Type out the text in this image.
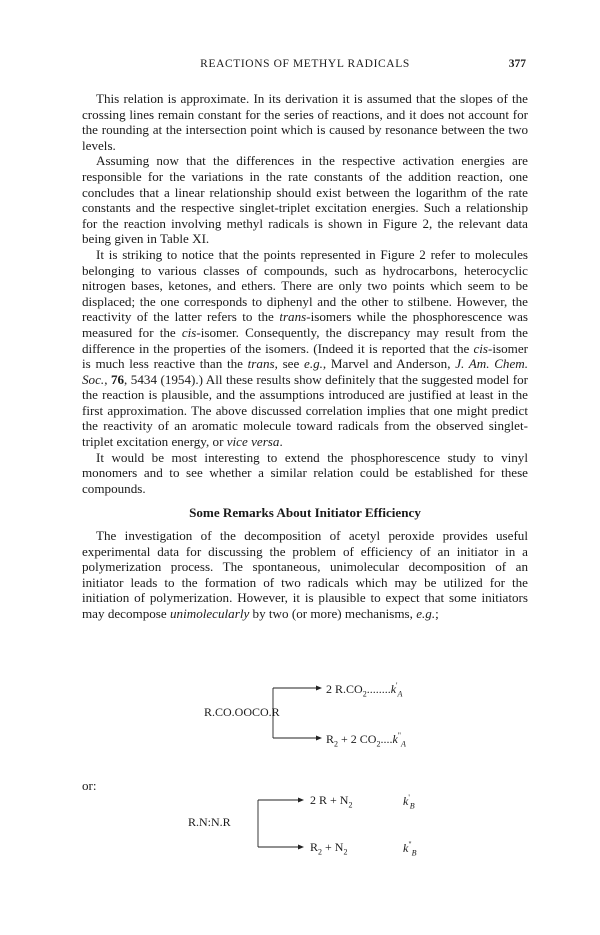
REACTIONS OF METHYL RADICALS	377

This relation is approximate. In its derivation it is assumed that the slopes of the crossing lines remain constant for the series of reactions, and it does not account for the rounding at the intersection point which is caused by resonance between the two levels.

Assuming now that the differences in the respective activation energies are responsible for the variations in the rate constants of the addition reaction, one concludes that a linear relationship should exist between the logarithm of the rate constants and the respective singlet-triplet excitation energies. Such a relationship for the reaction involving methyl radicals is shown in Figure 2, the relevant data being given in Table XI.

It is striking to notice that the points represented in Figure 2 refer to molecules belonging to various classes of compounds, such as hydrocarbons, heterocyclic nitrogen bases, ketones, and ethers. There are only two points which seem to be displaced; the one corresponds to diphenyl and the other to stilbene. However, the reactivity of the latter refers to the trans-isomers while the phosphorescence was measured for the cis-isomer. Consequently, the discrepancy may result from the difference in the properties of the isomers. (Indeed it is reported that the cis-isomer is much less reactive than the trans, see e.g., Marvel and Anderson, J. Am. Chem. Soc., 76, 5434 (1954).) All these results show definitely that the suggested model for the reaction is plausible, and the assumptions introduced are justified at least in the first approximation. The above discussed correlation implies that one might predict the reactivity of an aromatic molecule toward radicals from the observed singlet-triplet excitation energy, or vice versa.

It would be most interesting to extend the phosphorescence study to vinyl monomers and to see whether a similar relation could be established for these compounds.

Some Remarks About Initiator Efficiency

The investigation of the decomposition of acetyl peroxide provides useful experimental data for discussing the problem of efficiency of an initiator in a polymerization process. The spontaneous, unimolecular decomposition of an initiator leads to the formation of two radicals which may be utilized for the initiation of polymerization. However, it is plausible to expect that some initiators may decompose unimolecularly by two (or more) mechanisms, e.g.;

R.CO.OOCO.R
2 $R.CO_2........k'_A$
$R_2 + 2$ $CO_2....k^"_A$
R.N:N.R
2 $R + N_2$	$k'_B$
$R_2 + N_2$	$k^"_B$
or:
